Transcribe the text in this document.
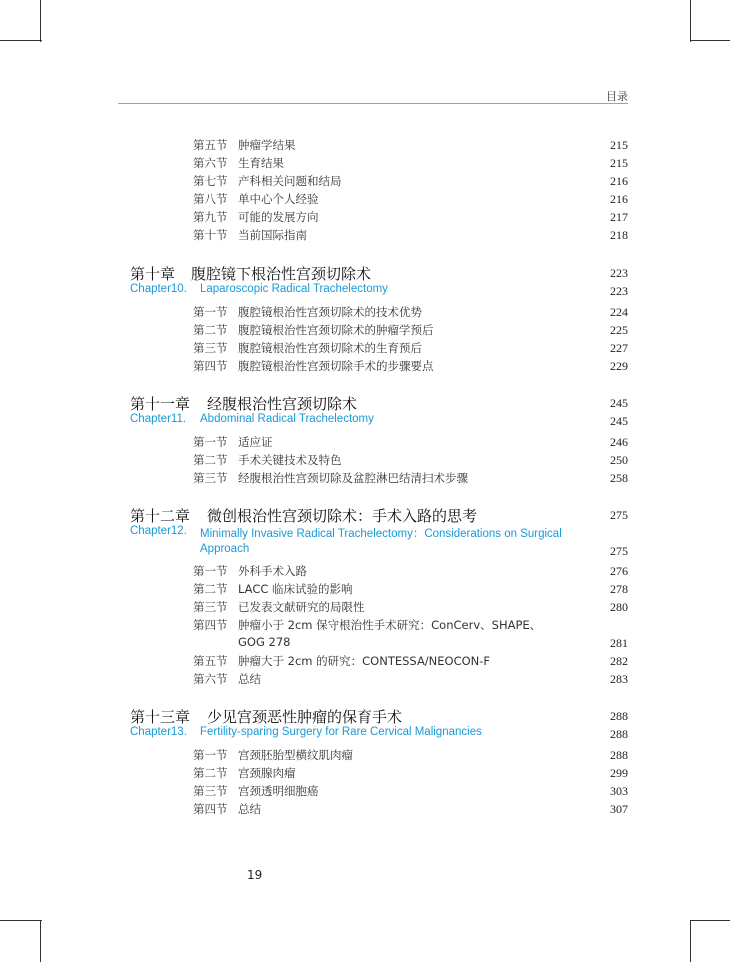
目录
第五节 肿瘤学结果	215
第六节 生育结果	215
第七节 产科相关问题和结局	216
第八节 单中心个人经验	216
第九节 可能的发展方向	217
第十节 当前国际指南	218
第十章 腹腔镜下根治性宫颈切除术	223
Chapter10. Laparoscopic Radical Trachelectomy	223
第一节 腹腔镜根治性宫颈切除术的技术优势	224
第二节 腹腔镜根治性宫颈切除术的肿瘤学预后	225
第三节 腹腔镜根治性宫颈切除术的生育预后	227
第四节 腹腔镜根治性宫颈切除手术的步骤要点	229
第十一章 经腹根治性宫颈切除术	245
Chapter11. Abdominal Radical Trachelectomy	245
第一节 适应证	246
第二节 手术关键技术及特色	250
第三节 经腹根治性宫颈切除及盆腔淋巴结清扫术步骤	258
第十二章 微创根治性宫颈切除术：手术入路的思考	275
Chapter12. Minimally Invasive Radical Trachelectomy：Considerations on Surgical
Approach	275
第一节 外科手术入路	276
第二节 LACC 临床试验的影响	278
第三节 已发表文献研究的局限性	280
第四节 肿瘤小于 2cm 保守根治性手术研究：ConCerv、SHAPE、
GOG 278	281
第五节 肿瘤大于 2cm 的研究：CONTESSA/NEOCON-F	282
第六节 总结	283
第十三章 少见宫颈恶性肿瘤的保育手术	288
Chapter13. Fertility-sparing Surgery for Rare Cervical Malignancies	288
第一节 宫颈胚胎型横纹肌肉瘤	288
第二节 宫颈腺肉瘤	299
第三节 宫颈透明细胞癌	303
第四节 总结	307
19
